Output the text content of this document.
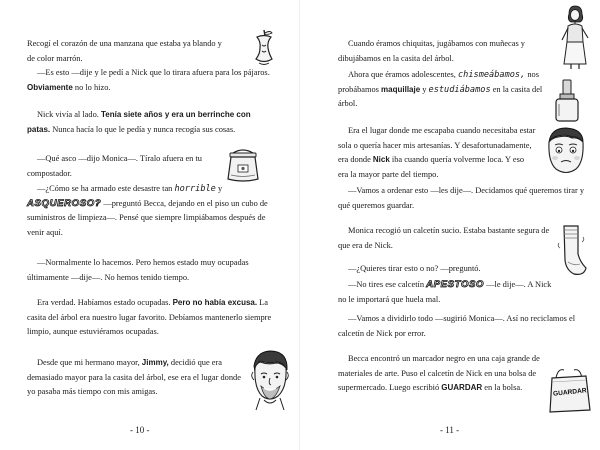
Recogí el corazón de una manzana que estaba ya blando y de color marrón.

—Es esto —dije y le pedí a Nick que lo tirara afuera para los pájaros. Obviamente no lo hizo.

Nick vivía al lado. Tenía siete años y era un berrinche con patas. Nunca hacía lo que le pedía y nunca recogía sus cosas.

—Qué asco —dijo Monica—. Tíralo afuera en tu compostador.

—¿Cómo se ha armado este desastre tan horrible y ASQUEROSO? —preguntó Becca, dejando en el piso un cubo de suministros de limpieza—. Pensé que siempre limpiábamos después de venir aquí.

—Normalmente lo hacemos. Pero hemos estado muy ocupadas últimamente —dije—. No hemos tenido tiempo.

Era verdad. Habíamos estado ocupadas. Pero no había excusa. La casita del árbol era nuestro lugar favorito. Debíamos mantenerlo siempre limpio, aunque estuviéramos ocupadas.

Desde que mi hermano mayor, Jimmy, decidió que era demasiado mayor para la casita del árbol, ese era el lugar donde yo pasaba más tiempo con mis amigas.

- 10 -

Cuando éramos chiquitas, jugábamos con muñecas y dibujábamos en la casita del árbol.

Ahora que éramos adolescentes, chismeábamos, nos probábamos maquillaje y estudiábamos en la casita del árbol.

Era el lugar donde me escapaba cuando necesitaba estar sola o quería hacer mis artesanías. Y desafortunadamente, era donde Nick iba cuando quería volverme loca. Y eso era la mayor parte del tiempo.

—Vamos a ordenar esto —les dije—. Decidamos qué queremos tirar y qué queremos guardar.

Monica recogió un calcetín sucio. Estaba bastante segura de que era de Nick.

—¿Quieres tirar esto o no? —preguntó.

—No tires ese calcetín APESTOSO —le dije—. A Nick no le importará que huela mal.

—Vamos a dividirlo todo —sugirió Monica—. Así no reciclamos el calcetín de Nick por error.

Becca encontró un marcador negro en una caja grande de materiales de arte. Puso el calcetín de Nick en una bolsa de supermercado. Luego escribió GUARDAR en la bolsa.	GUARDAR
- 11 -
